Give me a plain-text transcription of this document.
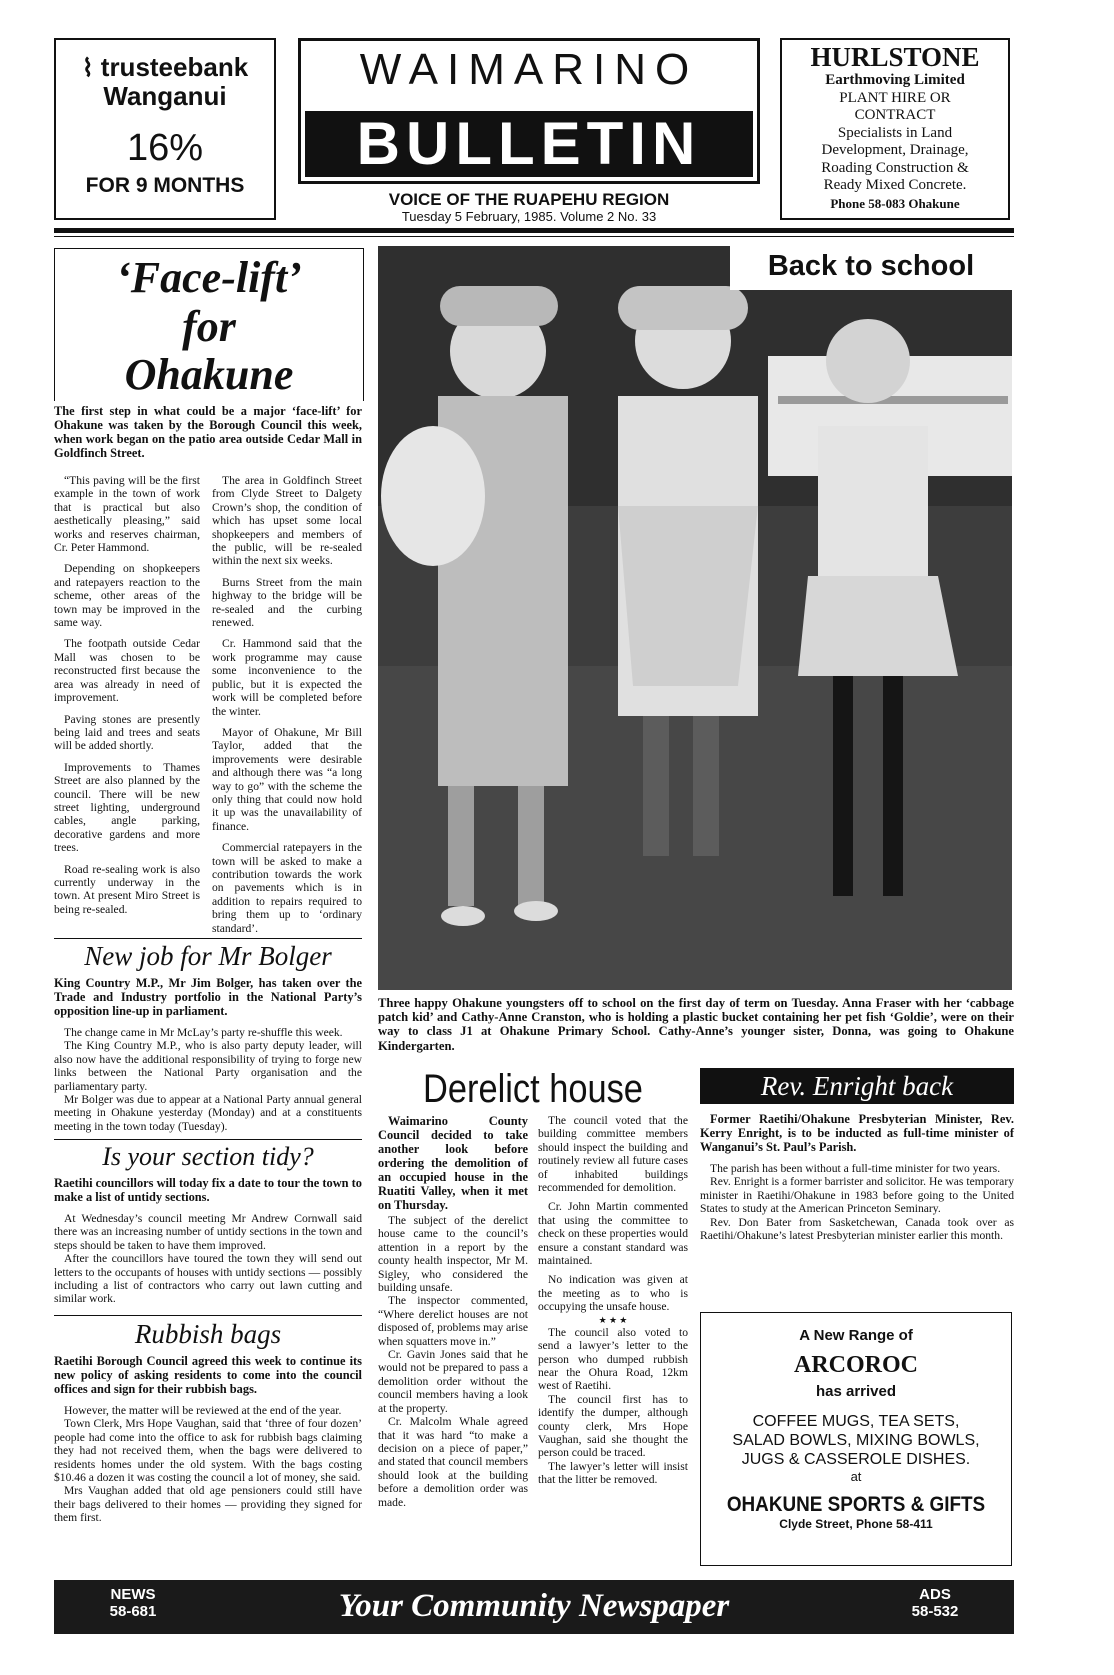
⌇ trusteebank
Wanganui
16%
FOR 9 MONTHS
WAIMARINO
BULLETIN
VOICE OF THE RUAPEHU REGION
Tuesday 5 February, 1985. Volume 2 No. 33
HURLSTONE
Earthmoving Limited
PLANT HIRE OR
CONTRACT
Specialists in Land
Development, Drainage,
Roading Construction &
Ready Mixed Concrete.
Phone 58-083 Ohakune
‘Face-lift’
for
Ohakune

The first step in what could be a major ‘face-lift’ for Ohakune was taken by the Borough Council this week, when work began on the patio area outside Cedar Mall in Goldfinch Street.

“This paving will be the first example in the town of work that is practical but also aesthetically pleasing,” said works and reserves chairman, Cr. Peter Hammond.

Depending on shopkeepers and ratepayers reaction to the scheme, other areas of the town may be improved in the same way.

The footpath outside Cedar Mall was chosen to be reconstructed first because the area was already in need of improvement.

Paving stones are presently being laid and trees and seats will be added shortly.

Improvements to Thames Street are also planned by the council. There will be new street lighting, underground cables, angle parking, decorative gardens and more trees.

Road re-sealing work is also currently underway in the town. At present Miro Street is being re-sealed.

The area in Goldfinch Street from Clyde Street to Dalgety Crown’s shop, the condition of which has upset some local shopkeepers and members of the public, will be re-sealed within the next six weeks.

Burns Street from the main highway to the bridge will be re-sealed and the curbing renewed.

Cr. Hammond said that the work programme may cause some inconvenience to the public, but it is expected the work will be completed before the winter.

Mayor of Ohakune, Mr Bill Taylor, added that the improvements were desirable and although there was “a long way to go” with the scheme the only thing that could now hold it up was the unavailability of finance.

Commercial ratepayers in the town will be asked to make a contribution towards the work on pavements which is in addition to repairs required to bring them up to ‘ordinary standard’.

Back to school
Three happy Ohakune youngsters off to school on the first day of term on Tuesday. Anna Fraser with her ‘cabbage patch kid’ and Cathy-Anne Cranston, who is holding a plastic bucket containing her pet fish ‘Goldie’, were on their way to class J1 at Ohakune Primary School. Cathy-Anne’s younger sister, Donna, was going to Ohakune Kindergarten.
New job for Mr Bolger

King Country M.P., Mr Jim Bolger, has taken over the Trade and Industry portfolio in the National Party’s opposition line-up in parliament.

The change came in Mr McLay’s party re-shuffle this week.

The King Country M.P., who is also party deputy leader, will also now have the additional responsibility of trying to forge new links between the National Party organisation and the parliamentary party.

Mr Bolger was due to appear at a National Party annual general meeting in Ohakune yesterday (Monday) and at a constituents meeting in the town today (Tuesday).

Is your section tidy?

Raetihi councillors will today fix a date to tour the town to make a list of untidy sections.

At Wednesday’s council meeting Mr Andrew Cornwall said there was an increasing number of untidy sections in the town and steps should be taken to have them improved.

After the councillors have toured the town they will send out letters to the occupants of houses with untidy sections — possibly including a list of contractors who carry out lawn cutting and similar work.

Rubbish bags

Raetihi Borough Council agreed this week to continue its new policy of asking residents to come into the council offices and sign for their rubbish bags.

However, the matter will be reviewed at the end of the year.

Town Clerk, Mrs Hope Vaughan, said that ‘three of four dozen’ people had come into the office to ask for rubbish bags claiming they had not received them, when the bags were delivered to residents homes under the old system. With the bags costing $10.46 a dozen it was costing the council a lot of money, she said.

Mrs Vaughan added that old age pensioners could still have their bags delivered to their homes — providing they signed for them first.

Derelict house

Waimarino County Council decided to take another look before ordering the demolition of an occupied house in the Ruatiti Valley, when it met on Thursday.

The subject of the derelict house came to the council’s attention in a report by the county health inspector, Mr M. Sigley, who considered the building unsafe.

The inspector commented, “Where derelict houses are not disposed of, problems may arise when squatters move in.”

Cr. Gavin Jones said that he would not be prepared to pass a demolition order without the council members having a look at the property.

Cr. Malcolm Whale agreed that it was hard “to make a decision on a piece of paper,” and stated that council members should look at the building before a demolition order was made.

The council voted that the building committee members should inspect the building and routinely review all future cases of inhabited buildings recommended for demolition.

Cr. John Martin commented that using the committee to check on these properties would ensure a constant standard was maintained.

No indication was given at the meeting as to who is occupying the unsafe house.

★ ★ ★

The council also voted to send a lawyer’s letter to the person who dumped rubbish near the Ohura Road, 12km west of Raetihi.

The council first has to identify the dumper, although county clerk, Mrs Hope Vaughan, said she thought the person could be traced.

The lawyer’s letter will insist that the litter be removed.

Rev. Enright back

Former Raetihi/Ohakune Presbyterian Minister, Rev. Kerry Enright, is to be inducted as full-time minister of Wanganui’s St. Paul’s Parish.

The parish has been without a full-time minister for two years.

Rev. Enright is a former barrister and solicitor. He was temporary minister in Raetihi/Ohakune in 1983 before going to the United States to study at the American Princeton Seminary.

Rev. Don Bater from Sasketchewan, Canada took over as Raetihi/Ohakune’s latest Presbyterian minister earlier this month.

A New Range of
ARCOROC
has arrived
COFFEE MUGS, TEA SETS,
SALAD BOWLS, MIXING BOWLS,
JUGS & CASSEROLE DISHES.
at
OHAKUNE SPORTS & GIFTS
Clyde Street, Phone 58-411
NEWS
58-681	Your Community Newspaper	ADS
58-532
